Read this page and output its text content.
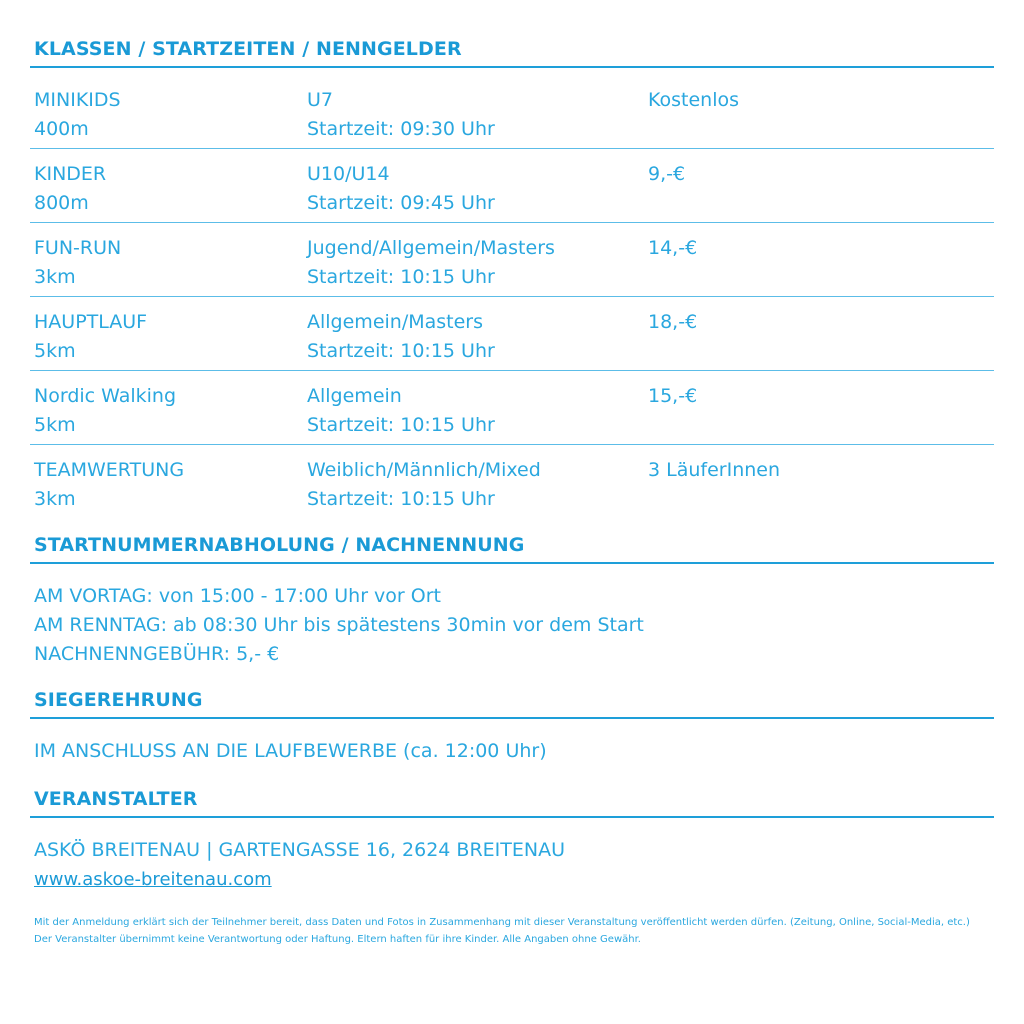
KLASSEN / STARTZEITEN / NENNGELDER
MINIKIDS
400m
U7
Startzeit: 09:30 Uhr
Kostenlos
KINDER
800m
U10/U14
Startzeit: 09:45 Uhr
9,-€
FUN-RUN
3km
Jugend/Allgemein/Masters
Startzeit: 10:15 Uhr
14,-€
HAUPTLAUF
5km
Allgemein/Masters
Startzeit: 10:15 Uhr
18,-€
Nordic Walking
5km
Allgemein
Startzeit: 10:15 Uhr
15,-€
TEAMWERTUNG
3km
Weiblich/Männlich/Mixed
Startzeit: 10:15 Uhr
3 LäuferInnen
STARTNUMMERNABHOLUNG / NACHNENNUNG
AM VORTAG: von 15:00 - 17:00 Uhr vor Ort
AM RENNTAG: ab 08:30 Uhr bis spätestens 30min vor dem Start
NACHNENNGEBÜHR: 5,- €
SIEGEREHRUNG
IM ANSCHLUSS AN DIE LAUFBEWERBE (ca. 12:00 Uhr)
VERANSTALTER
ASKÖ BREITENAU | GARTENGASSE 16, 2624 BREITENAU
www.askoe-breitenau.com
Mit der Anmeldung erklärt sich der Teilnehmer bereit, dass Daten und Fotos in Zusammenhang mit dieser Veranstaltung veröffentlicht werden dürfen. (Zeitung, Online, Social-Media, etc.) Der Veranstalter übernimmt keine Verantwortung oder Haftung. Eltern haften für ihre Kinder. Alle Angaben ohne Gewähr.
